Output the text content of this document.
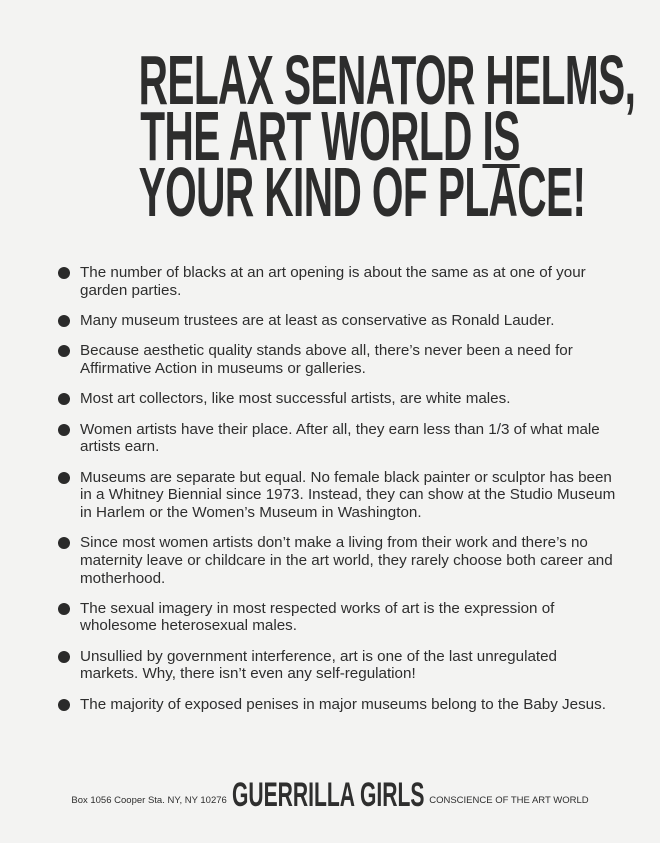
RELAX SENATOR HELMS,
THE ART WORLD IS
YOUR KIND OF PLACE!
The number of blacks at an art opening is about the same as at one of your garden parties.
Many museum trustees are at least as conservative as Ronald Lauder.
Because aesthetic quality stands above all, there’s never been a need for Affirmative Action in museums or galleries.
Most art collectors, like most successful artists, are white males.
Women artists have their place. After all, they earn less than 1/3 of what male artists earn.
Museums are separate but equal. No female black painter or sculptor has been in a Whitney Biennial since 1973. Instead, they can show at the Studio Museum in Harlem or the Women’s Museum in Washington.
Since most women artists don’t make a living from their work and there’s no maternity leave or childcare in the art world, they rarely choose both career and motherhood.
The sexual imagery in most respected works of art is the expression of wholesome heterosexual males.
Unsullied by government interference, art is one of the last unregulated markets. Why, there isn’t even any self-regulation!
The majority of exposed penises in major museums belong to the Baby Jesus.
Box 1056 Cooper Sta. NY, NY 10276 GUERRILLA GIRLS CONSCIENCE OF THE ART WORLD
